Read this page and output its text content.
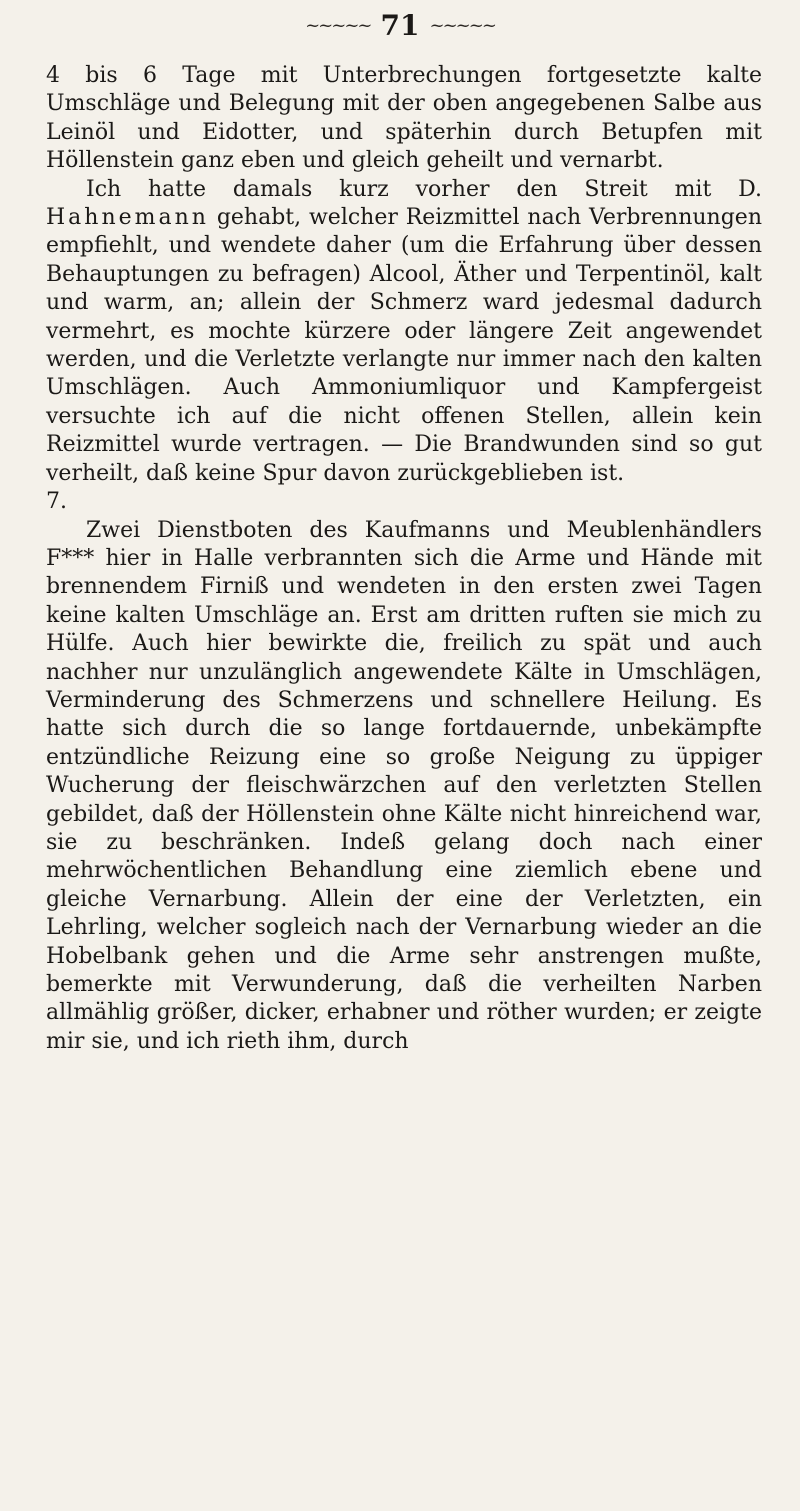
~~~~~ 71 ~~~~~

4 bis 6 Tage mit Unterbrechungen fortgesetzte kalte Umschläge und Belegung mit der oben angegebenen Salbe aus Leinöl und Eidotter, und späterhin durch Betupfen mit Höllenstein ganz eben und gleich geheilt und vernarbt.

Ich hatte damals kurz vorher den Streit mit D. Hahnemann gehabt, welcher Reizmittel nach Verbrennungen empfiehlt, und wendete daher (um die Erfahrung über dessen Behauptungen zu befragen) Alcool, Äther und Terpentinöl, kalt und warm, an; allein der Schmerz ward jedesmal dadurch vermehrt, es mochte kürzere oder längere Zeit angewendet werden, und die Verletzte verlangte nur immer nach den kalten Umschlägen. Auch Ammoniumliquor und Kampfergeist versuchte ich auf die nicht offenen Stellen, allein kein Reizmittel wurde vertragen. — Die Brandwunden sind so gut verheilt, daß keine Spur davon zurückgeblieben ist.

7.

Zwei Dienstboten des Kaufmanns und Meublenhändlers F*** hier in Halle verbrannten sich die Arme und Hände mit brennendem Firniß und wendeten in den ersten zwei Tagen keine kalten Umschläge an. Erst am dritten ruften sie mich zu Hülfe. Auch hier bewirkte die, freilich zu spät und auch nachher nur unzulänglich angewendete Kälte in Umschlägen, Verminderung des Schmerzens und schnellere Heilung. Es hatte sich durch die so lange fortdauernde, unbekämpfte entzündliche Reizung eine so große Neigung zu üppiger Wucherung der fleischwärzchen auf den verletzten Stellen gebildet, daß der Höllenstein ohne Kälte nicht hinreichend war, sie zu beschränken. Indeß gelang doch nach einer mehrwöchentlichen Behandlung eine ziemlich ebene und gleiche Vernarbung. Allein der eine der Verletzten, ein Lehrling, welcher sogleich nach der Vernarbung wieder an die Hobelbank gehen und die Arme sehr anstrengen mußte, bemerkte mit Verwunderung, daß die verheilten Narben allmählig größer, dicker, erhabner und röther wurden; er zeigte mir sie, und ich rieth ihm, durch
